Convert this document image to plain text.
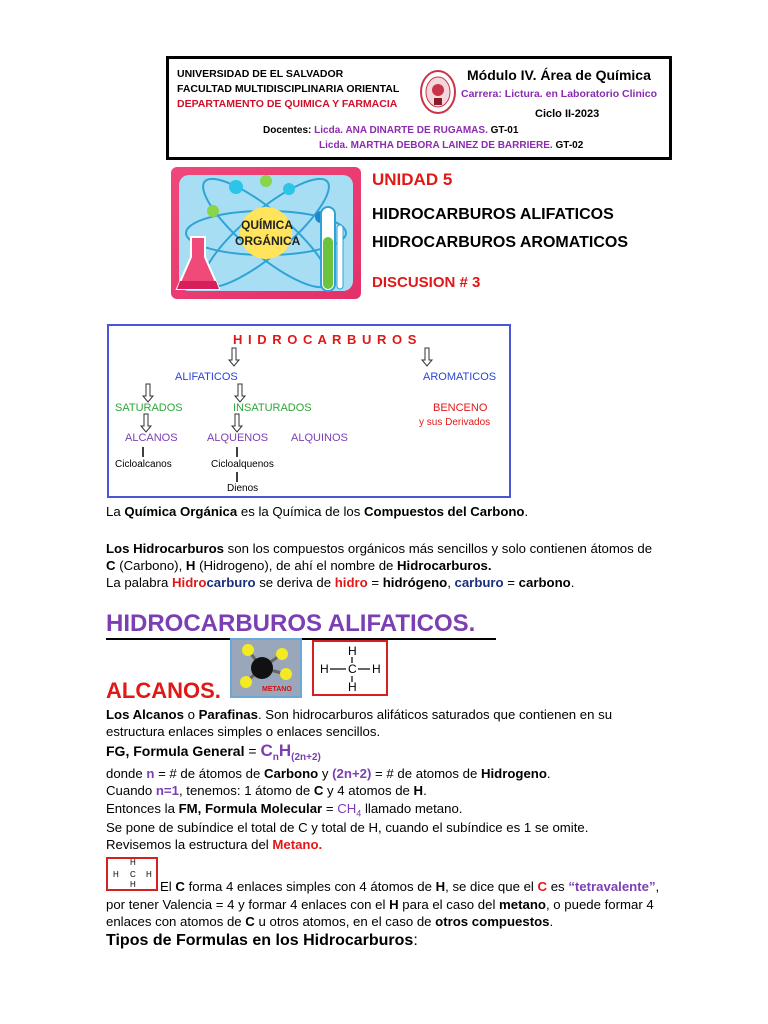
UNIVERSIDAD DE EL SALVADOR
FACULTAD MULTIDISCIPLINARIA ORIENTAL
DEPARTAMENTO DE QUIMICA Y FARMACIA
Módulo IV. Área de Química
Carrera: Lictura. en Laboratorio Clinico
Ciclo II-2023
Docentes: Licda. ANA DINARTE DE RUGAMAS. GT-01
Licda. MARTHA DEBORA LAINEZ DE BARRIERE. GT-02
QUÍMICA
ORGÁNICA
UNIDAD 5
HIDROCARBUROS ALIFATICOS
HIDROCARBUROS AROMATICOS
DISCUSION # 3
H I D R O C A R B U R O S
ALIFATICOS	AROMATICOS
SATURADOS	INSATURADOS	BENCENO
y sus Derivados
ALCANOS	ALQUENOS ALQUINOS
Cicloalcanos	Cicloalquenos
Dienos
La Química Orgánica es la Química de los Compuestos del Carbono.
Los Hidrocarburos son los compuestos orgánicos más sencillos y solo contienen átomos de
C (Carbono), H (Hidrogeno), de ahí el nombre de Hidrocarburos.
La palabra Hidrocarburo se deriva de hidro = hidrógeno, carburo = carbono.
HIDROCARBUROS ALIFATICOS.
METANO
H
H C H
H
ALCANOS.
Los Alcanos o Parafinas. Son hidrocarburos alifáticos saturados que contienen en su
estructura enlaces simples o enlaces sencillos.
FG, Formula General = $C_nH_{(2n+2)}$
donde n = # de átomos de Carbono y (2n+2) = # de atomos de Hidrogeno.
Cuando n=1, tenemos: 1 átomo de C y 4 atomos de H.
Entonces la FM, Formula Molecular = $CH_4$ llamado metano.
Se pone de subíndice el total de C y total de H, cuando el subíndice es 1 se omite.
Revisemos la estructura del Metano.
H
H C H
H El C forma 4 enlaces simples con 4 átomos de H, se dice que el C es “tetravalente”,
por tener Valencia = 4 y formar 4 enlaces con el H para el caso del metano, o puede formar 4
enlaces con atomos de C u otros atomos, en el caso de otros compuestos.
Tipos de Formulas en los Hidrocarburos:
